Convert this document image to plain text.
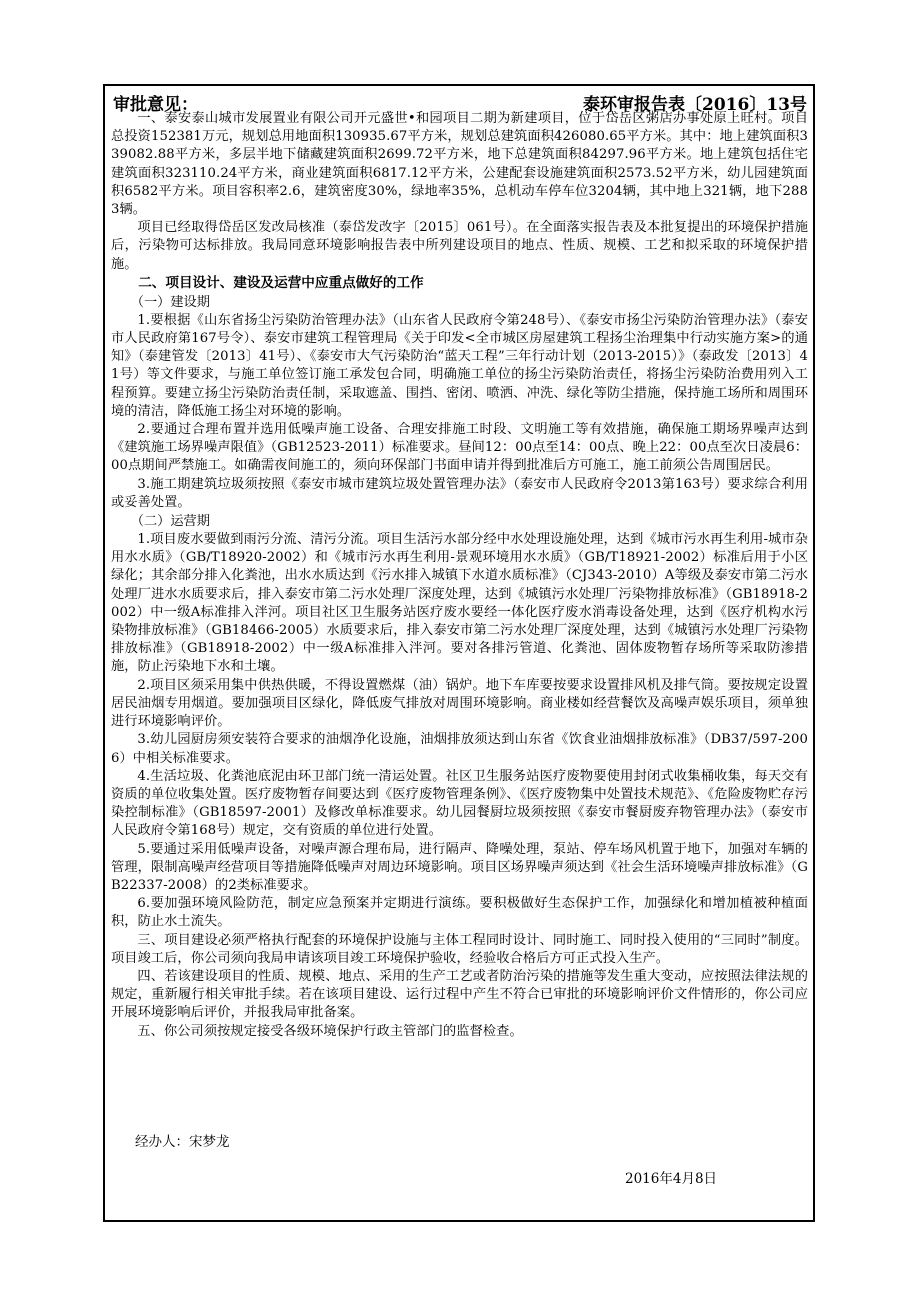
审批意见：	泰环审报告表〔2016〕13号

一、泰安泰山城市发展置业有限公司开元盛世•和园项目二期为新建项目，位于岱岳区粥店办事处原上旺村。项目总投资152381万元，规划总用地面积130935.67平方米，规划总建筑面积426080.65平方米。其中：地上建筑面积339082.88平方米，多层半地下储藏建筑面积2699.72平方米，地下总建筑面积84297.96平方米。地上建筑包括住宅建筑面积323110.24平方米，商业建筑面积6817.12平方米，公建配套设施建筑面积2573.52平方米，幼儿园建筑面积6582平方米。项目容积率2.6，建筑密度30%，绿地率35%，总机动车停车位3204辆，其中地上321辆，地下2883辆。

项目已经取得岱岳区发改局核准（泰岱发改字〔2015〕061号）。在全面落实报告表及本批复提出的环境保护措施后，污染物可达标排放。我局同意环境影响报告表中所列建设项目的地点、性质、规模、工艺和拟采取的环境保护措施。

二、项目设计、建设及运营中应重点做好的工作

（一）建设期

1.要根据《山东省扬尘污染防治管理办法》（山东省人民政府令第248号）、《泰安市扬尘污染防治管理办法》（泰安市人民政府第167号令）、泰安市建筑工程管理局《关于印发<全市城区房屋建筑工程扬尘治理集中行动实施方案>的通知》（泰建管发〔2013〕41号）、《泰安市大气污染防治“蓝天工程”三年行动计划（2013-2015）》（泰政发〔2013〕41号）等文件要求，与施工单位签订施工承发包合同，明确施工单位的扬尘污染防治责任，将扬尘污染防治费用列入工程预算。要建立扬尘污染防治责任制，采取遮盖、围挡、密闭、喷洒、冲洗、绿化等防尘措施，保持施工场所和周围环境的清洁，降低施工扬尘对环境的影响。

2.要通过合理布置并选用低噪声施工设备、合理安排施工时段、文明施工等有效措施，确保施工期场界噪声达到《建筑施工场界噪声限值》（GB12523-2011）标准要求。昼间12：00点至14：00点、晚上22：00点至次日凌晨6：00点期间严禁施工。如确需夜间施工的，须向环保部门书面申请并得到批准后方可施工，施工前须公告周围居民。

3.施工期建筑垃圾须按照《泰安市城市建筑垃圾处置管理办法》（泰安市人民政府令2013第163号）要求综合利用或妥善处置。

（二）运营期

1.项目废水要做到雨污分流、清污分流。项目生活污水部分经中水处理设施处理，达到《城市污水再生利用-城市杂用水水质》（GB/T18920-2002）和《城市污水再生利用-景观环境用水水质》（GB/T18921-2002）标准后用于小区绿化；其余部分排入化粪池，出水水质达到《污水排入城镇下水道水质标准》（CJ343-2010）A等级及泰安市第二污水处理厂进水水质要求后，排入泰安市第二污水处理厂深度处理，达到《城镇污水处理厂污染物排放标准》（GB18918-2002）中一级A标准排入泮河。项目社区卫生服务站医疗废水要经一体化医疗废水消毒设备处理，达到《医疗机构水污染物排放标准》（GB18466-2005）水质要求后，排入泰安市第二污水处理厂深度处理，达到《城镇污水处理厂污染物排放标准》（GB18918-2002）中一级A标准排入泮河。要对各排污管道、化粪池、固体废物暂存场所等采取防渗措施，防止污染地下水和土壤。

2.项目区须采用集中供热供暖，不得设置燃煤（油）锅炉。地下车库要按要求设置排风机及排气筒。要按规定设置居民油烟专用烟道。要加强项目区绿化，降低废气排放对周围环境影响。商业楼如经营餐饮及高噪声娱乐项目，须单独进行环境影响评价。

3.幼儿园厨房须安装符合要求的油烟净化设施，油烟排放须达到山东省《饮食业油烟排放标准》（DB37/597-2006）中相关标准要求。

4.生活垃圾、化粪池底泥由环卫部门统一清运处置。社区卫生服务站医疗废物要使用封闭式收集桶收集，每天交有资质的单位收集处置。医疗废物暂存间要达到《医疗废物管理条例》、《医疗废物集中处置技术规范》、《危险废物贮存污染控制标准》（GB18597-2001）及修改单标准要求。幼儿园餐厨垃圾须按照《泰安市餐厨废弃物管理办法》（泰安市人民政府令第168号）规定，交有资质的单位进行处置。

5.要通过采用低噪声设备，对噪声源合理布局，进行隔声、降噪处理，泵站、停车场风机置于地下，加强对车辆的管理，限制高噪声经营项目等措施降低噪声对周边环境影响。项目区场界噪声须达到《社会生活环境噪声排放标准》（GB22337-2008）的2类标准要求。

6.要加强环境风险防范，制定应急预案并定期进行演练。要积极做好生态保护工作，加强绿化和增加植被种植面积，防止水土流失。

三、项目建设必须严格执行配套的环境保护设施与主体工程同时设计、同时施工、同时投入使用的“三同时”制度。项目竣工后，你公司须向我局申请该项目竣工环境保护验收，经验收合格后方可正式投入生产。

四、若该建设项目的性质、规模、地点、采用的生产工艺或者防治污染的措施等发生重大变动，应按照法律法规的规定，重新履行相关审批手续。若在该项目建设、运行过程中产生不符合已审批的环境影响评价文件情形的，你公司应开展环境影响后评价，并报我局审批备案。

五、你公司须按规定接受各级环境保护行政主管部门的监督检查。

经办人：宋梦龙
2016年4月8日
